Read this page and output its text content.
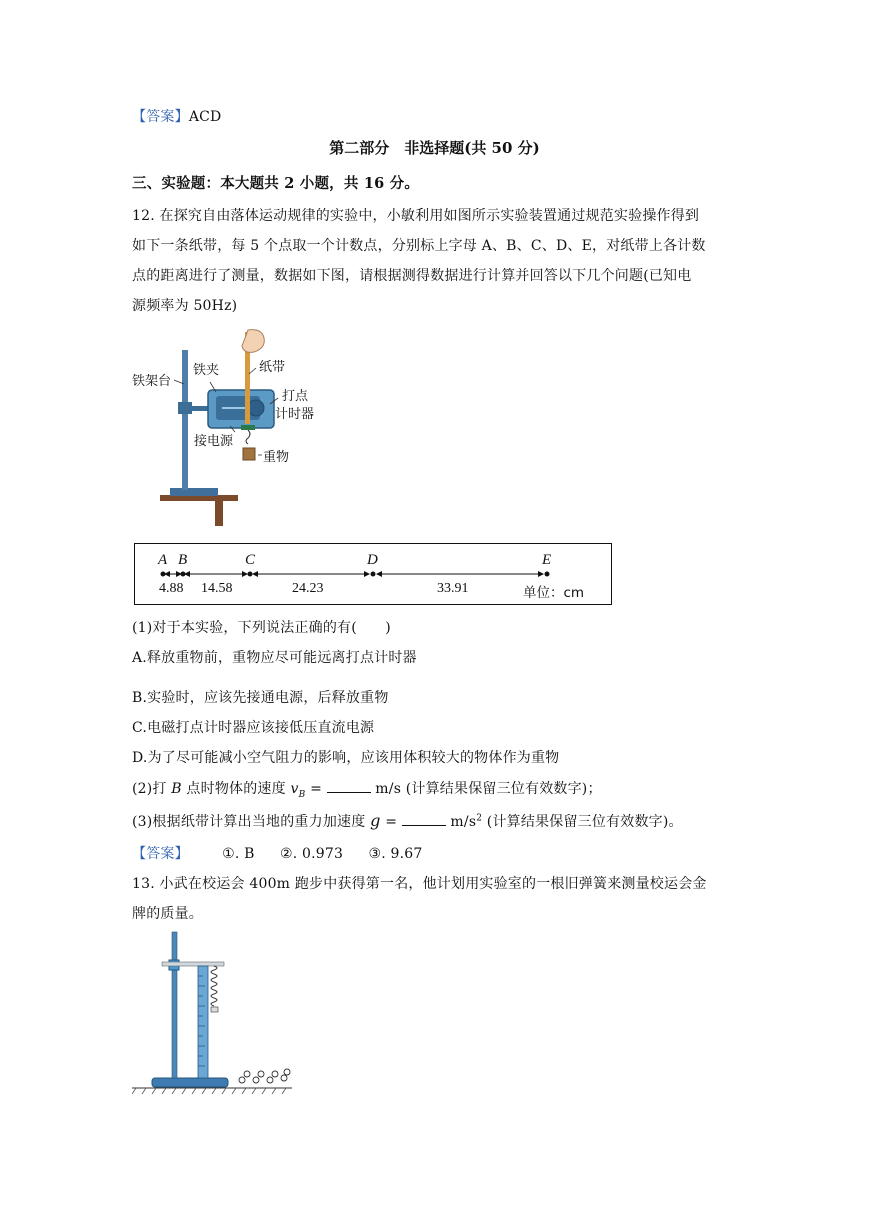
【答案】ACD
第二部分　非选择题(共 50 分)
三、实验题：本大题共 2 小题，共 16 分。
12. 在探究自由落体运动规律的实验中，小敏利用如图所示实验装置通过规范实验操作得到
如下一条纸带，每 5 个点取一个计数点，分别标上字母 A、B、C、D、E，对纸带上各计数
点的距离进行了测量，数据如下图，请根据测得数据进行计算并回答以下几个问题(已知电
源频率为 50Hz)
铁架台
铁夹	纸带
打点
计时器
接电源
重物
A B	C	D	E
4.88 14.58	24.23	33.91	单位：cm
(1)对于本实验，下列说法正确的有(　　)
A.释放重物前，重物应尽可能远离打点计时器
B.实验时，应该先接通电源，后释放重物
C.电磁打点计时器应该接低压直流电源
D.为了尽可能减小空气阻力的影响，应该用体积较大的物体作为重物
(2)打 B 点时物体的速度 $v_B$ =	m/s (计算结果保留三位有效数字)；
(3)根据纸带计算出当地的重力加速度 g =	$m/s^2$ (计算结果保留三位有效数字)。
【答案】 ①. B ②. 0.973 ③. 9.67
13. 小武在校运会 400m 跑步中获得第一名，他计划用实验室的一根旧弹簧来测量校运会金
牌的质量。
